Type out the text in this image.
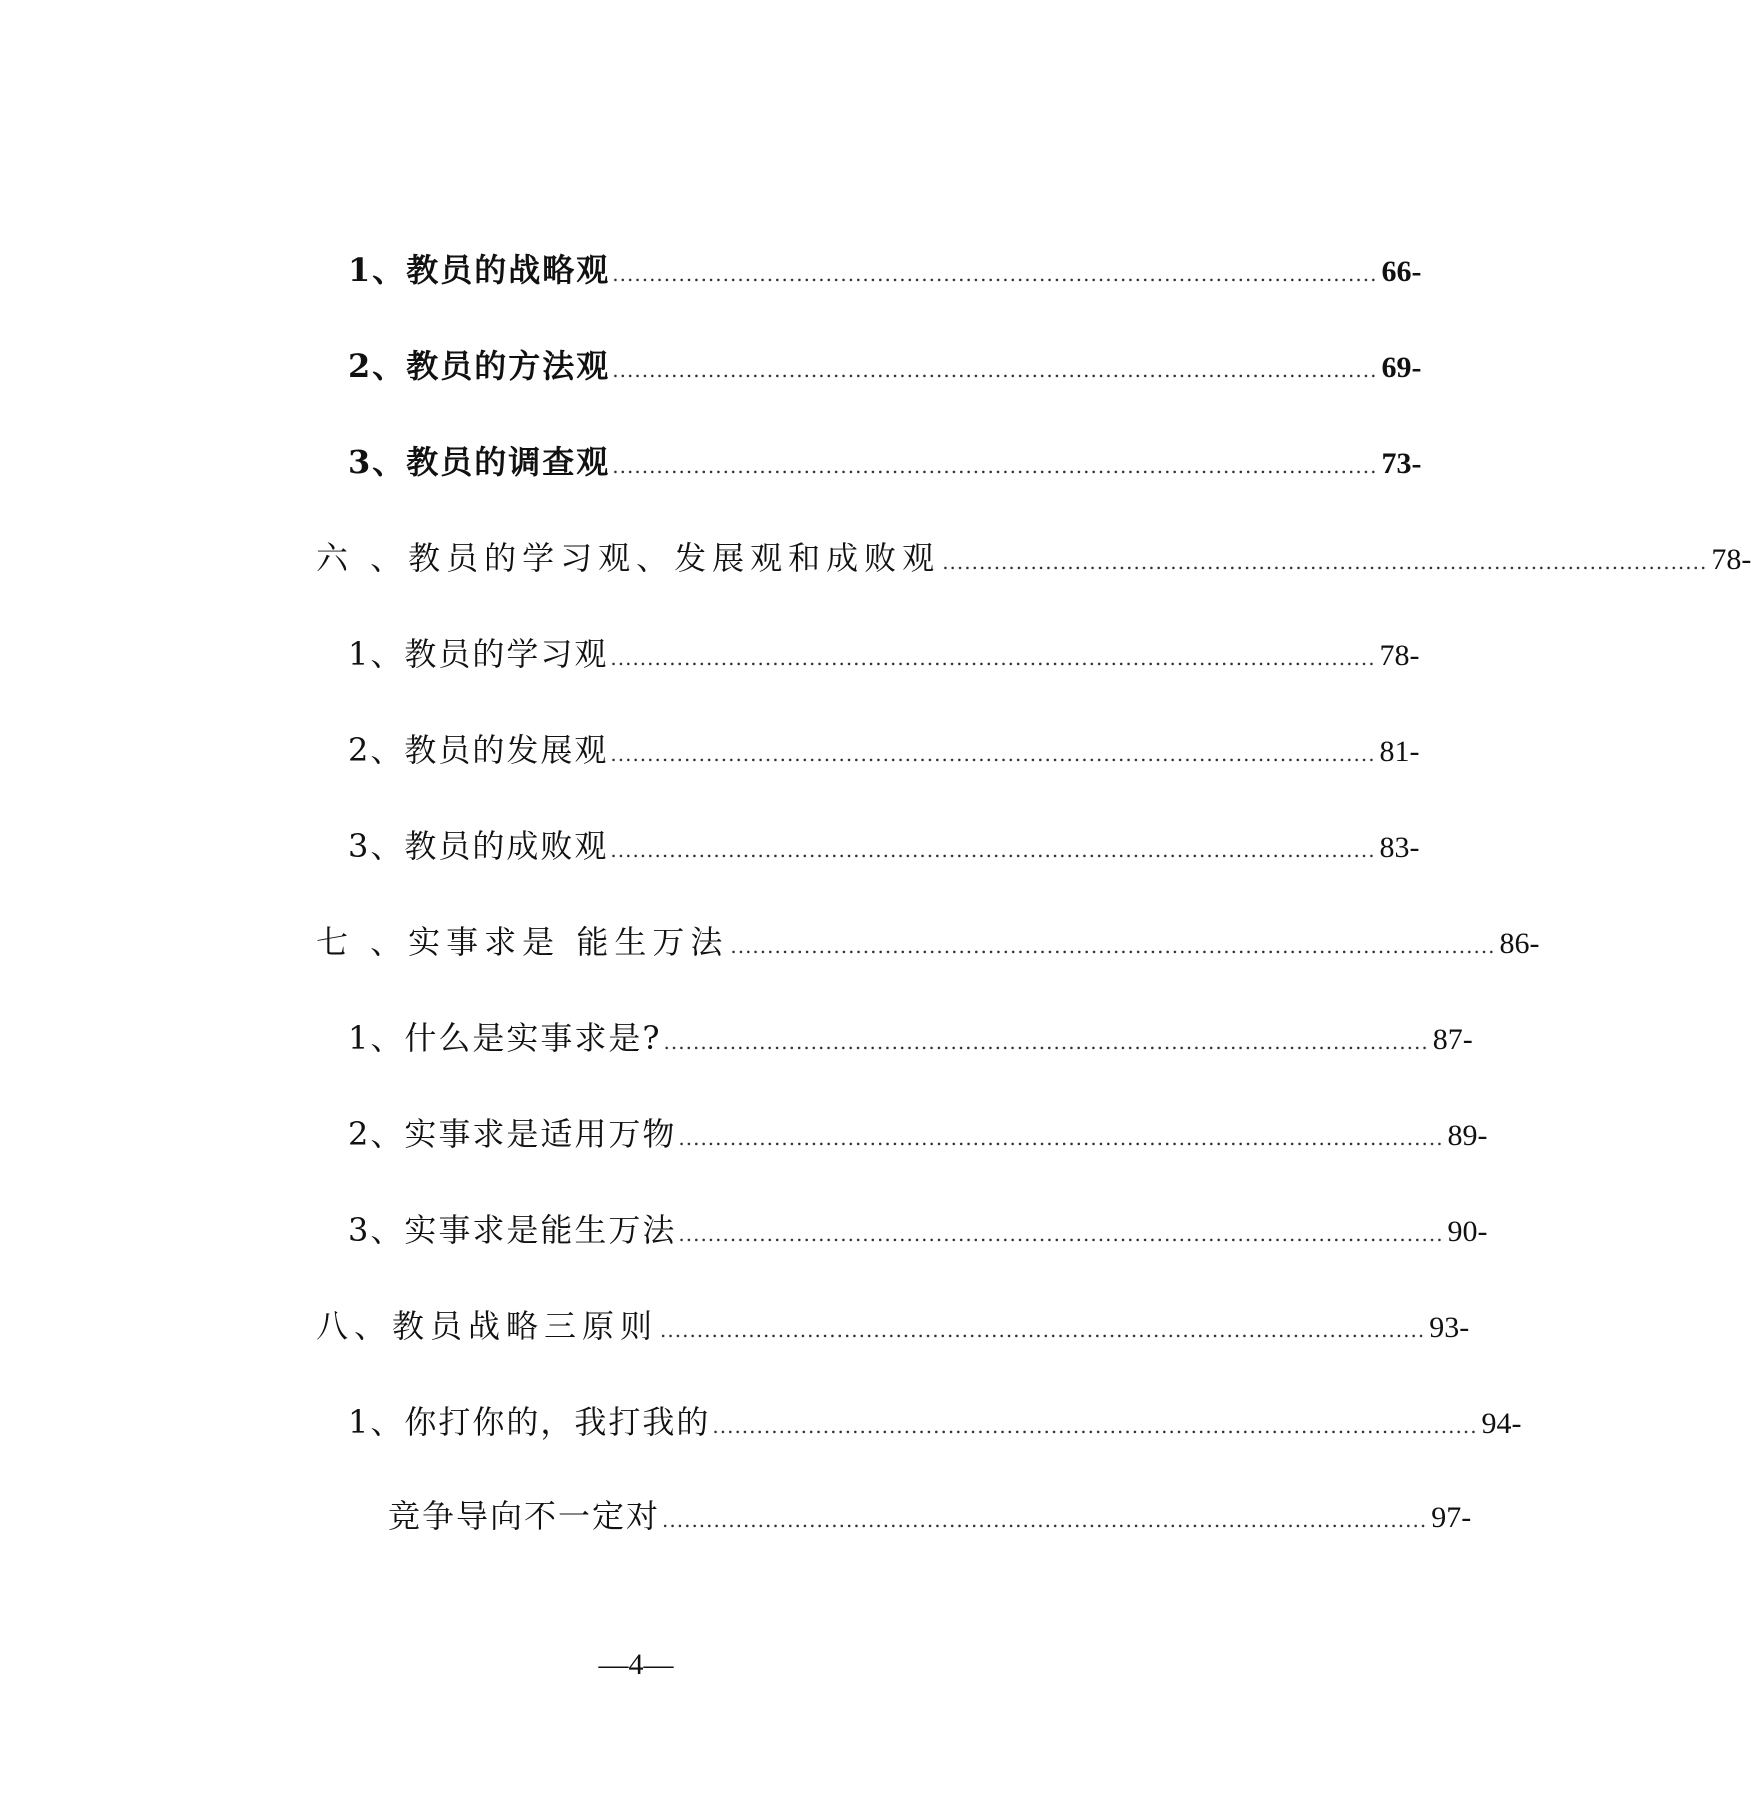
1、教员的战略观 ........................................................................................................ 66-
2、教员的方法观 ........................................................................................................ 69-
3、教员的调查观 ........................................................................................................ 73-
六 、教员的学习观、发展观和成败观 ........................................................................................................ 78-
1、教员的学习观 ........................................................................................................ 78-
2、教员的发展观 ........................................................................................................ 81-
3、教员的成败观 ........................................................................................................ 83-
七 、实事求是 能生万法 ........................................................................................................ 86-
1、什么是实事求是? ........................................................................................................ 87-
2、实事求是适用万物 ........................................................................................................ 89-
3、实事求是能生万法 ........................................................................................................ 90-
八、教员战略三原则 ........................................................................................................ 93-
1、你打你的，我打我的 ........................................................................................................ 94-
竞争导向不一定对 ........................................................................................................ 97-
—4—
